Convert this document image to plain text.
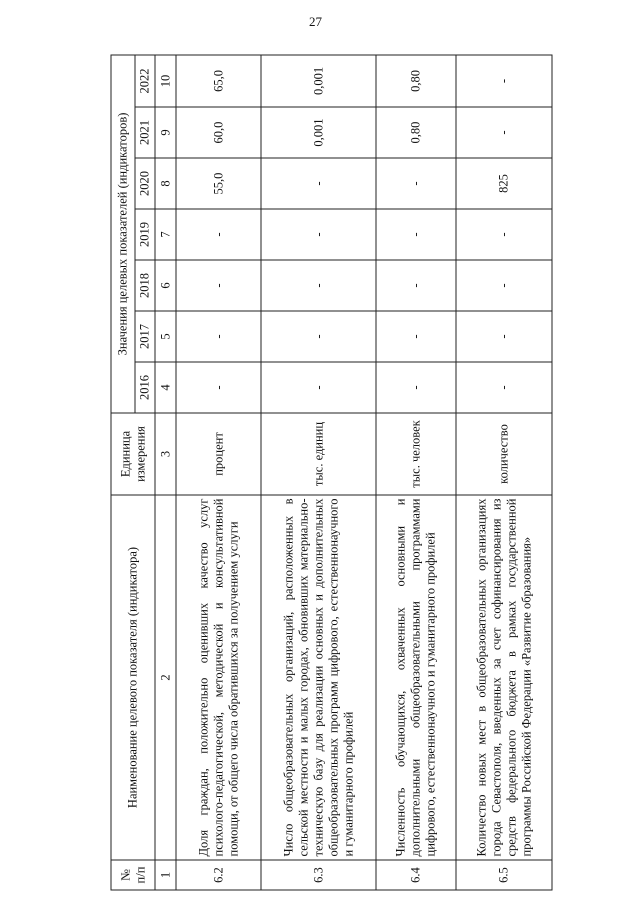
27
№ п/п	Наименование целевого показателя (индикатора)	Единица измерения	Значения целевых показателей (индикаторов)						
			2016	2017	2018	2019	2020	2021	2022
1	2	3	4	5	6	7	8	9	10
6.2	Доля граждан, положительно оценивших качество услуг психолого-педагогической, методической и консультативной помощи, от общего числа обратившихся за получением услуги	процент	-	-	-	-	55,0	60,0	65,0
6.3	Число общеобразовательных организаций, расположенных в сельской местности и малых городах, обновивших материально-техническую базу для реализации основных и дополнительных общеобразовательных программ цифрового, естественнонаучного и гуманитарного профилей	тыс. единиц	-	-	-	-	-	0,001	0,001
6.4	Численность обучающихся, охваченных основными и дополнительными общеобразовательными программами цифрового, естественнонаучного и гуманитарного профилей	тыс. человек	-	-	-	-	-	0,80	0,80
6.5	Количество новых мест в общеобразовательных организациях города Севастополя, введенных за счет софинансирования из средств федерального бюджета в рамках государственной программы Российской Федерации «Развитие образования»	количество	-	-	-	-	825	-	-
